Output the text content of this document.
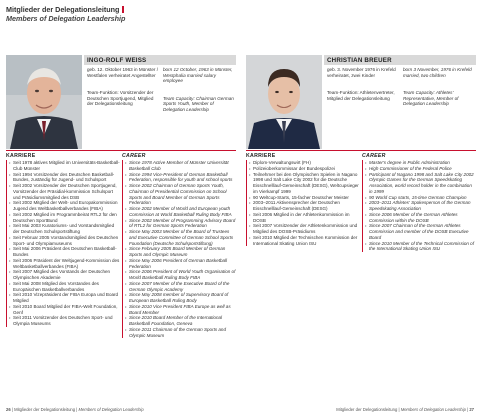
Mitglieder der Delegationsleitung
Members of Delegation Leadership
INGO-ROLF WEISS
geb. 12. Oktober 1963 in Münster / Westfalen verheiratet Angestellter
Team-Funktion: Vorsitzender der Deutschen Sportjugend, Mitglied der Delegationsleitung
born 12 October, 1963 in Münster, Westphalia married salary employee
Team Capacity: Chairman German Sports Youth, Member of Delegation Leadership
CHRISTIAN BREUER
geb. 3. November 1976 in Krefeld verheiratet, zwei Kinder
Team-Funktion: Athletenvertreter, Mitglied der Delegationsleitung
born 3 November, 1976 in Krefeld married, two children
Team Capacity: Athletes' Representative, Member of Delegation Leadership
KARRIERE
• Seit 1978 aktives Mitglied im Universitäts-Basketball-Club Münster
• Seit 1994 Vorsitzender des Deutschen Basketball-Bundes, zuständig für Jugend- und Schulsport
• Seit 2002 Vorsitzender der Deutschen Sportjugend, Vorsitzender der Präsidial-kommission Schulsport und Präsidiumsmitglied des DSB
• Seit 2002 Mitglied der Welt- und Europakommission Jugend des Weltbasketballverbandes (FIBA)
• Seit 2002 Mitglied im Programmbeirat RTL2 für den Deutschen SportBund
• Seit Mai 2003 Kuratoriums- und Vorstandsmitglied der Deutschen Schulsportstiftung
• Seit Februar 2005 Vorstandsmitglied des Deutschen Sport- und Olympiamuseums
• Seit Mai 2006 Präsident des Deutschen Basketball-Bundes
• Seit 2006 Präsident der Weltjugend-Kommission des Weltbasketballverbandes (FIBA)
• Seit 2007 Mitglied des Vorstands der Deutschen Olympischen Akademie
• Seit Mai 2008 Mitglied des Vorstandes des Europäischen Basketballverbandes
• Seit 2010 Vizepräsident der FIBA Europa und Board Mitglied
• Seit 2010 Board Mitglied der FIBA-Welt Foundation, Genf
• Seit 2011 Vorsitzender des Deutschen Sport- und Olympia Museums
CAREER
• Since 1978 Active Member of Münster Universität Basketball Club
• Since 1994 Vice-President of German Basketball Federation, responsible for youth and school sports
• Since 2002 Chairman of German Sports Youth, Chairman of Presidential Commission on School Sports and Board Member of German Sports Federation
• Since 2002 Member of World and European youth Commission at World Basketball Ruling Body FIBA
• Since 2002 Member of Programming Advisory Board of RTL2 for German Sports Federation
• Since May 2003 Member of the Board of Trustees and Executive Committee of German School Sports Foundation (Deutsche Schulsportstiftung)
• Since February 2005 Board Member of German Sports and Olympic Museum
• Since May 2006 President of German Basketball Federation
• Since 2006 President of World Youth Organisation of World Basketball Ruling Body FIBA
• Since 2007 Member of the Executive Board of the German Olympic Academy
• Since May 2008 member of Supervisory Board of European Basketball Ruling Body
• Since 2010 Vice President FIBA Europe as well as Board Member
• Since 2010 Board Member of the International Basketball Foundation, Geneva
• Since 2011 Chairman of the German Sports and Olympic Museum
KARRIERE
• Diplom-Verwaltungswirt (FH)
• Polizeioberkommissar der Bundespolizei
• Teilnehmer bei den Olympischen Spielen in Nagano 1998 und Salt Lake City 2002 für die Deutsche Eisschnelllauf-Gemeinschaft (DESG), Weltcupsieger im Vierkampf 1999
• 90 Weltcup-Starts, 15-facher Deutscher Meister
• 2003–2011 Aktivensprecher der Deutschen Eisschnelllauf-Gemeinschaft (DESG)
• Seit 2006 Mitglied in der Athletenkommission im DOSB
• Seit 2007 Vorsitzender der Athletenkommission und Mitglied des DOSB-Präsidiums
• Seit 2010 Mitglied der Technischen Kommission der International Skating Union ISU
CAREER
• Master's degree in Public Administration
• High Commissioner of the Federal Police
• Participant of Nagano 1998 and Salt Lake City 2002 Olympic Games for the German Speedskating Association, world record holder in the combination in 1999
• 90 World Cup starts, 15-time German Champion
• 2003–2011 Athletes' Spokesperson of the German Speedskating Association
• Since 2006 Member of the German Athletes Commission within the DOSB
• Since 2007 Chairman of the German Athletes Commission and member of the DOSB Executive Board
• Since 2010 Member of the Technical Commission of the International Skating Union ISU
26 | Mitglieder der Delegationsleitung | Members of Delegation Leadership	Mitglieder der Delegationsleitung | Members of Delegation Leadership | 27
